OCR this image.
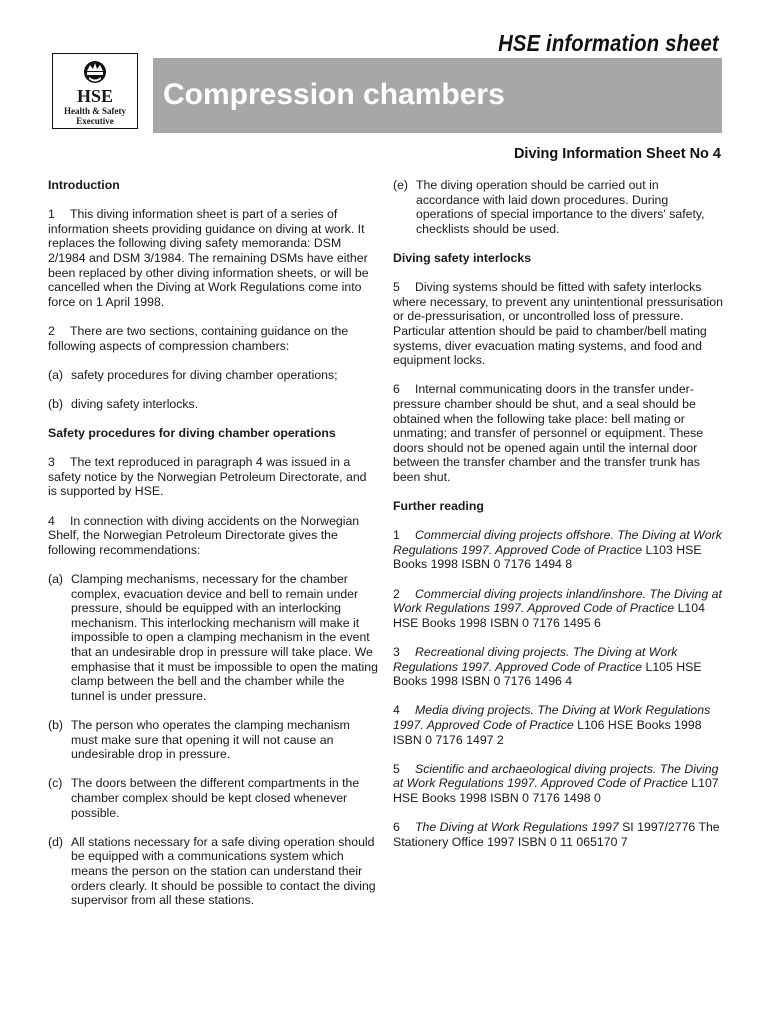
HSE information sheet
HSE
Health & Safety
Executive
Compression chambers
Diving Information Sheet No 4
Introduction

1 This diving information sheet is part of a series of information sheets providing guidance on diving at work. It replaces the following diving safety memoranda: DSM 2/1984 and DSM 3/1984. The remaining DSMs have either been replaced by other diving information sheets, or will be cancelled when the Diving at Work Regulations come into force on 1 April 1998.

2 There are two sections, containing guidance on the following aspects of compression chambers:

(a) safety procedures for diving chamber operations;
(b) diving safety interlocks.
Safety procedures for diving chamber operations

3 The text reproduced in paragraph 4 was issued in a safety notice by the Norwegian Petroleum Directorate, and is supported by HSE.

4 In connection with diving accidents on the Norwegian Shelf, the Norwegian Petroleum Directorate gives the following recommendations:

(a) Clamping mechanisms, necessary for the chamber complex, evacuation device and bell to remain under pressure, should be equipped with an interlocking mechanism. This interlocking mechanism will make it impossible to open a clamping mechanism in the event that an undesirable drop in pressure will take place. We emphasise that it must be impossible to open the mating clamp between the bell and the chamber while the tunnel is under pressure.
(b) The person who operates the clamping mechanism must make sure that opening it will not cause an undesirable drop in pressure.
(c) The doors between the different compartments in the chamber complex should be kept closed whenever possible.
(d) All stations necessary for a safe diving operation should be equipped with a communications system which means the person on the station can understand their orders clearly. It should be possible to contact the diving supervisor from all these stations.
(e) The diving operation should be carried out in accordance with laid down procedures. During operations of special importance to the divers' safety, checklists should be used.
Diving safety interlocks

5 Diving systems should be fitted with safety interlocks where necessary, to prevent any unintentional pressurisation or de-pressurisation, or uncontrolled loss of pressure. Particular attention should be paid to chamber/bell mating systems, diver evacuation mating systems, and food and equipment locks.

6 Internal communicating doors in the transfer under-pressure chamber should be shut, and a seal should be obtained when the following take place: bell mating or unmating; and transfer of personnel or equipment. These doors should not be opened again until the internal door between the transfer chamber and the transfer trunk has been shut.

Further reading
1 Commercial diving projects offshore. The Diving at Work Regulations 1997. Approved Code of Practice L103 HSE Books 1998 ISBN 0 7176 1494 8
2 Commercial diving projects inland/inshore. The Diving at Work Regulations 1997. Approved Code of Practice L104 HSE Books 1998 ISBN 0 7176 1495 6
3 Recreational diving projects. The Diving at Work Regulations 1997. Approved Code of Practice L105 HSE Books 1998 ISBN 0 7176 1496 4
4 Media diving projects. The Diving at Work Regulations 1997. Approved Code of Practice L106 HSE Books 1998 ISBN 0 7176 1497 2
5 Scientific and archaeological diving projects. The Diving at Work Regulations 1997. Approved Code of Practice L107 HSE Books 1998 ISBN 0 7176 1498 0
6 The Diving at Work Regulations 1997 SI 1997/2776 The Stationery Office 1997 ISBN 0 11 065170 7
